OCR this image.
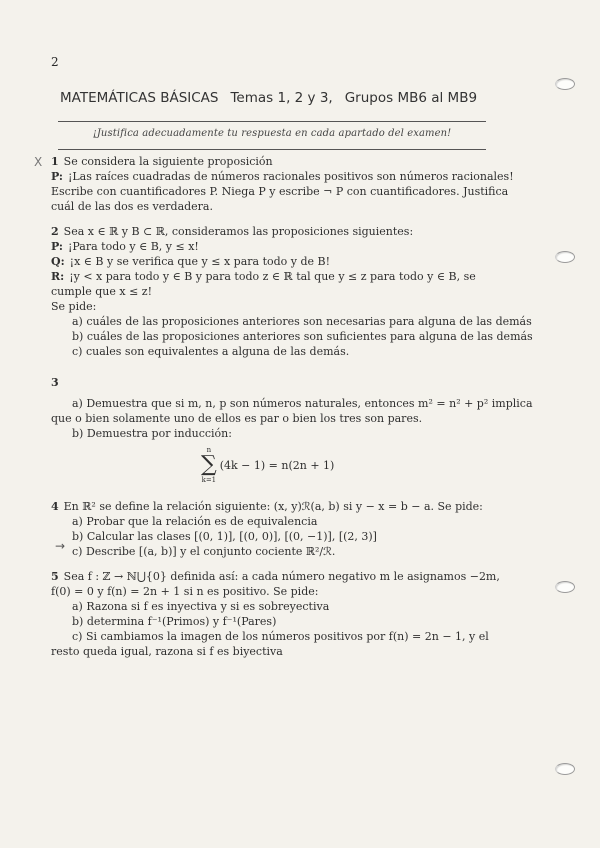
2
MATEMÁTICAS BÁSICAS Temas 1, 2 y 3, Grupos MB6 al MB9
¡Justifica adecuadamente tu respuesta en cada apartado del examen!
X
→
1 Se considera la siguiente proposición
P: ¡Las raíces cuadradas de números racionales positivos son números racionales!
Escribe con cuantificadores P. Niega P y escribe ¬ P con cuantificadores. Justifica
cuál de las dos es verdadera.
2 Sea x ∈ ℝ y B ⊂ ℝ, consideramos las proposiciones siguientes:
P: ¡Para todo y ∈ B, y ≤ x!
Q: ¡x ∈ B y se verifica que y ≤ x para todo y de B!
R: ¡y < x para todo y ∈ B y para todo z ∈ ℝ tal que y ≤ z para todo y ∈ B, se
cumple que x ≤ z!
Se pide:
a) cuáles de las proposiciones anteriores son necesarias para alguna de las demás
b) cuáles de las proposiciones anteriores son suficientes para alguna de las demás
c) cuales son equivalentes a alguna de las demás.
3
a) Demuestra que si m, n, p son números naturales, entonces m² = n² + p² implica
que o bien solamente uno de ellos es par o bien los tres son pares.
b) Demuestra por inducción:
n
∑
k=1
(4k − 1) = n(2n + 1)
4 En ℝ² se define la relación siguiente: (x, y)ℛ(a, b) si y − x = b − a. Se pide:
a) Probar que la relación es de equivalencia
b) Calcular las clases [(0, 1)], [(0, 0)], [(0, −1)], [(2, 3)]
c) Describe [(a, b)] y el conjunto cociente ℝ²/ℛ.
5 Sea f : ℤ → ℕ⋃{0} definida así: a cada número negativo m le asignamos −2m,
f(0) = 0 y f(n) = 2n + 1 si n es positivo. Se pide:
a) Razona si f es inyectiva y si es sobreyectiva
b) determina f⁻¹(Primos) y f⁻¹(Pares)
c) Si cambiamos la imagen de los números positivos por f(n) = 2n − 1, y el
resto queda igual, razona si f es biyectiva
